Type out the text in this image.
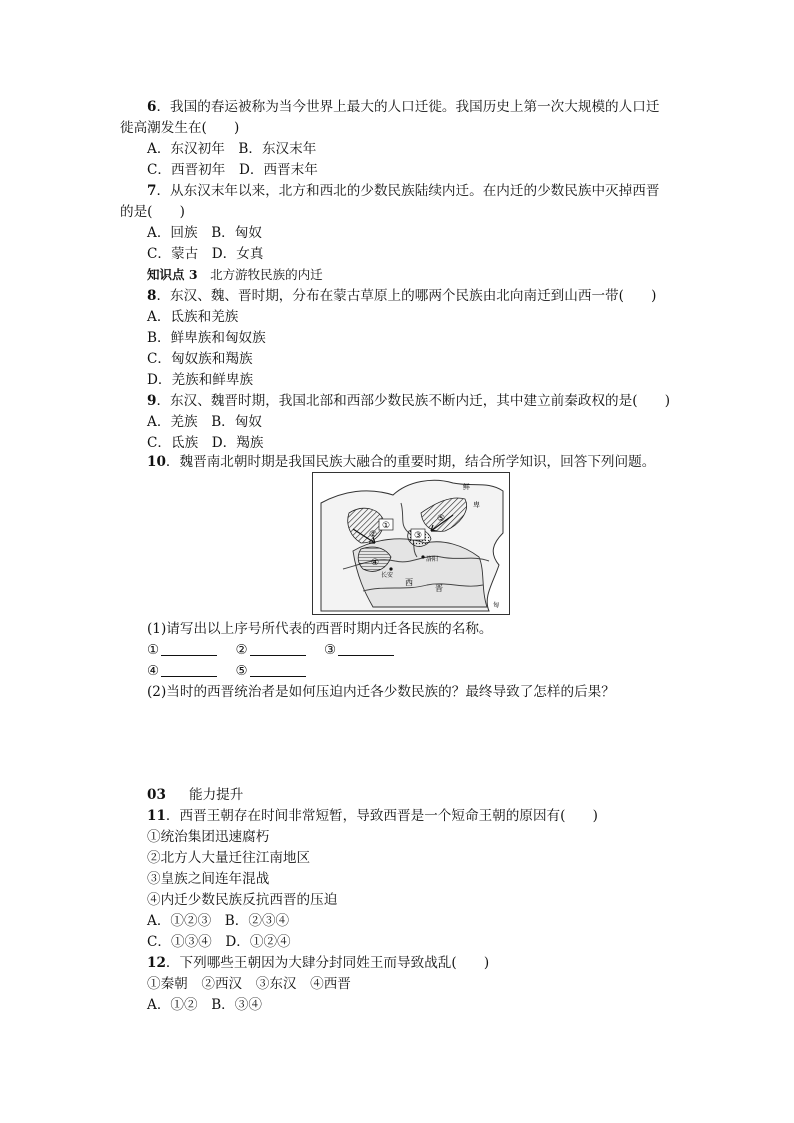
6．我国的春运被称为当今世界上最大的人口迁徙。我国历史上第一次大规模的人口迁
徙高潮发生在(　　)
A．东汉初年　B．东汉末年
C．西晋初年　D．西晋末年
7．从东汉末年以来，北方和西北的少数民族陆续内迁。在内迁的少数民族中灭掉西晋
的是(　　)
A．回族　B．匈奴
C．蒙古　D．女真
知识点 3　北方游牧民族的内迁
8．东汉、魏、晋时期，分布在蒙古草原上的哪两个民族由北向南迁到山西一带(　　)
A．氐族和羌族
B．鲜卑族和匈奴族
C．匈奴族和羯族
D．羌族和鲜卑族
9．东汉、魏晋时期，我国北部和西部少数民族不断内迁，其中建立前秦政权的是(　　)
A．羌族　B．匈奴
C．氐族　D．羯族
10．魏晋南北朝时期是我国民族大融合的重要时期，结合所学知识，回答下列问题。
①
②	③
④
⑤
洛阳
长安
西
晋
鲜
卑
匈
(1)请写出以上序号所代表的西晋时期内迁各民族的名称。
①	②	③
④	⑤
(2)当时的西晋统治者是如何压迫内迁各少数民族的？最终导致了怎样的后果？
03 能力提升
11．西晋王朝存在时间非常短暂，导致西晋是一个短命王朝的原因有(　　)
①统治集团迅速腐朽
②北方人大量迁往江南地区
③皇族之间连年混战
④内迁少数民族反抗西晋的压迫
A．①②③　B．②③④
C．①③④　D．①②④
12．下列哪些王朝因为大肆分封同姓王而导致战乱(　　)
①秦朝　②西汉　③东汉　④西晋
A．①②　B．③④
